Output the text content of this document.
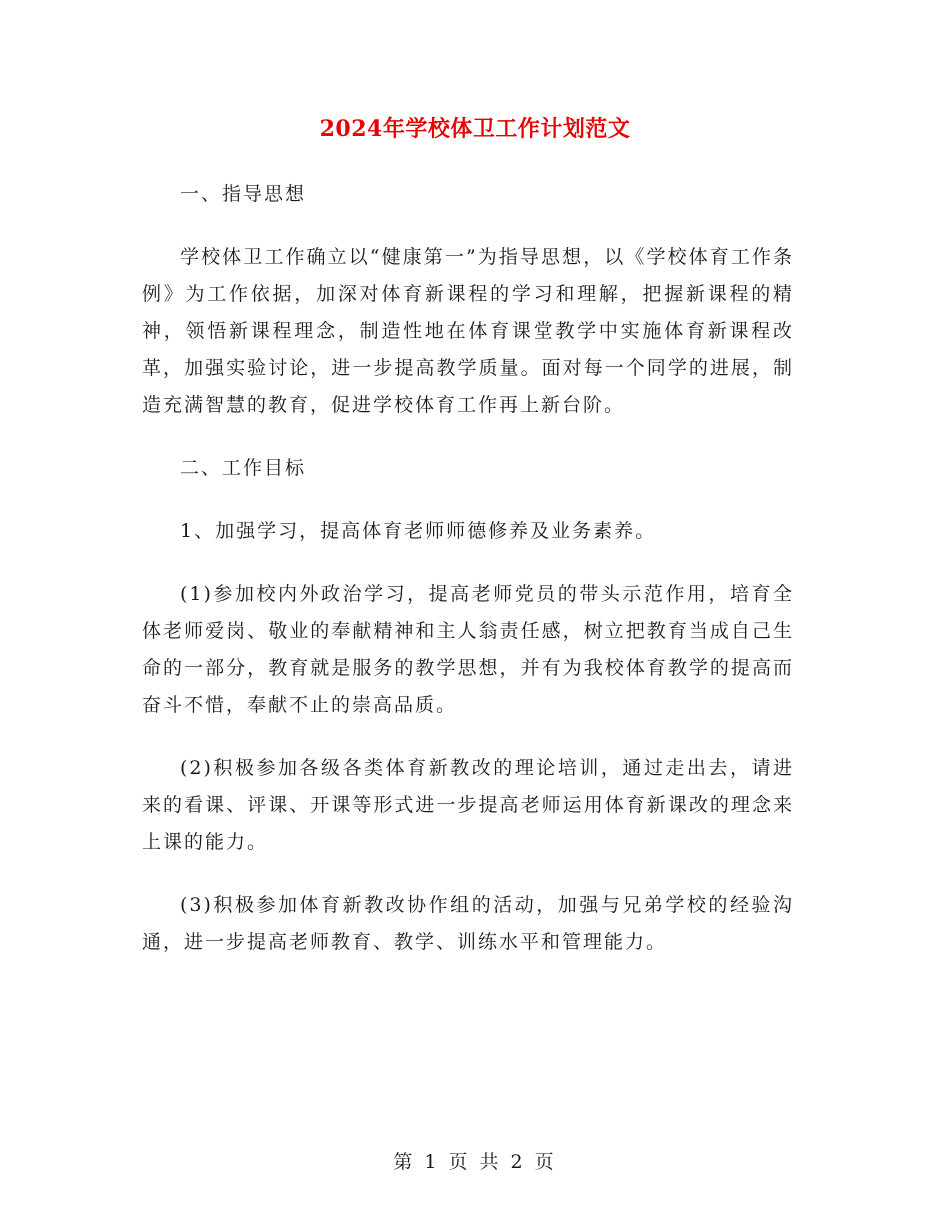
2024年学校体卫工作计划范文

一、指导思想

学校体卫工作确立以“健康第一”为指导思想，以《学校体育工作条例》为工作依据，加深对体育新课程的学习和理解，把握新课程的精神，领悟新课程理念，制造性地在体育课堂教学中实施体育新课程改革，加强实验讨论，进一步提高教学质量。面对每一个同学的进展，制造充满智慧的教育，促进学校体育工作再上新台阶。

二、工作目标

1、加强学习，提高体育老师师德修养及业务素养。

(1)参加校内外政治学习，提高老师党员的带头示范作用，培育全体老师爱岗、敬业的奉献精神和主人翁责任感，树立把教育当成自己生命的一部分，教育就是服务的教学思想，并有为我校体育教学的提高而奋斗不惜，奉献不止的崇高品质。

(2)积极参加各级各类体育新教改的理论培训，通过走出去，请进来的看课、评课、开课等形式进一步提高老师运用体育新课改的理念来上课的能力。

(3)积极参加体育新教改协作组的活动，加强与兄弟学校的经验沟通，进一步提高老师教育、教学、训练水平和管理能力。

第 1 页 共 2 页
